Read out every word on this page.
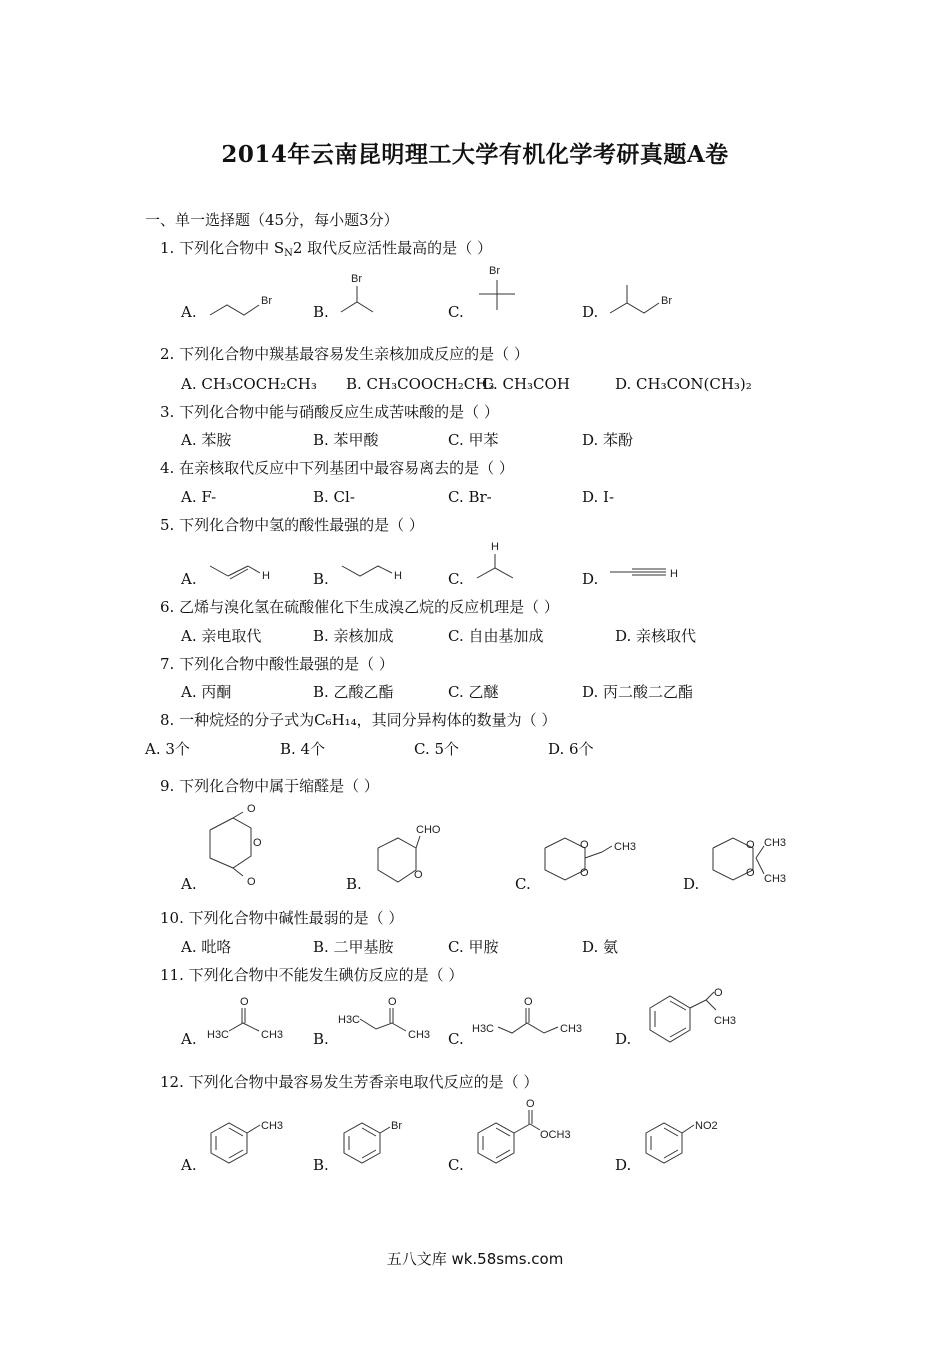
2014年云南昆明理工大学有机化学考研真题A卷
一、单一选择题（45分，每小题3分）
1. 下列化合物中 $S_N2$ 取代反应活性最高的是（ ）
A.	B.	C.	D.
Br
Br
Br
Br
2. 下列化合物中羰基最容易发生亲核加成反应的是（ ）
A. CH₃COCH₂CH₃ B. CH₃COOCH₂CH₃
C. CH₃COH	D. CH₃CON(CH₃)₂
3. 下列化合物中能与硝酸反应生成苦味酸的是（ ）
A. 苯胺	B. 苯甲酸	C. 甲苯	D. 苯酚
4. 在亲核取代反应中下列基团中最容易离去的是（ ）
A. F-	B. Cl-	C. Br-	D. I-
5. 下列化合物中氢的酸性最强的是（ ）
A.	B.	C.	D.
H	H
H
H
6. 乙烯与溴化氢在硫酸催化下生成溴乙烷的反应机理是（ ）
A. 亲电取代	B. 亲核加成	C. 自由基加成	D. 亲核取代
7. 下列化合物中酸性最强的是（ ）
A. 丙酮	B. 乙酸乙酯	C. 乙醚	D. 丙二酸二乙酯
8. 一种烷烃的分子式为C₆H₁₄，其同分异构体的数量为（ ）
A. 3个	B. 4个	C. 5个	D. 6个
9. 下列化合物中属于缩醛是（ ）
A.	B.	C.	D.
O
O
O
CHO
O
O
O
CH3	O
O
CH3
CH3
10. 下列化合物中碱性最弱的是（ ）
A. 吡咯	B. 二甲基胺	C. 甲胺	D. 氨
11. 下列化合物中不能发生碘仿反应的是（ ）
A.	B.	C.	D.
O
H3C	CH3
O
H3C
CH3
O
H3C	CH3
O
CH3
12. 下列化合物中最容易发生芳香亲电取代反应的是（ ）
A.	B.	C.	D.
CH3	Br
O
OCH3
NO2
五八文库 wk.58sms.com
